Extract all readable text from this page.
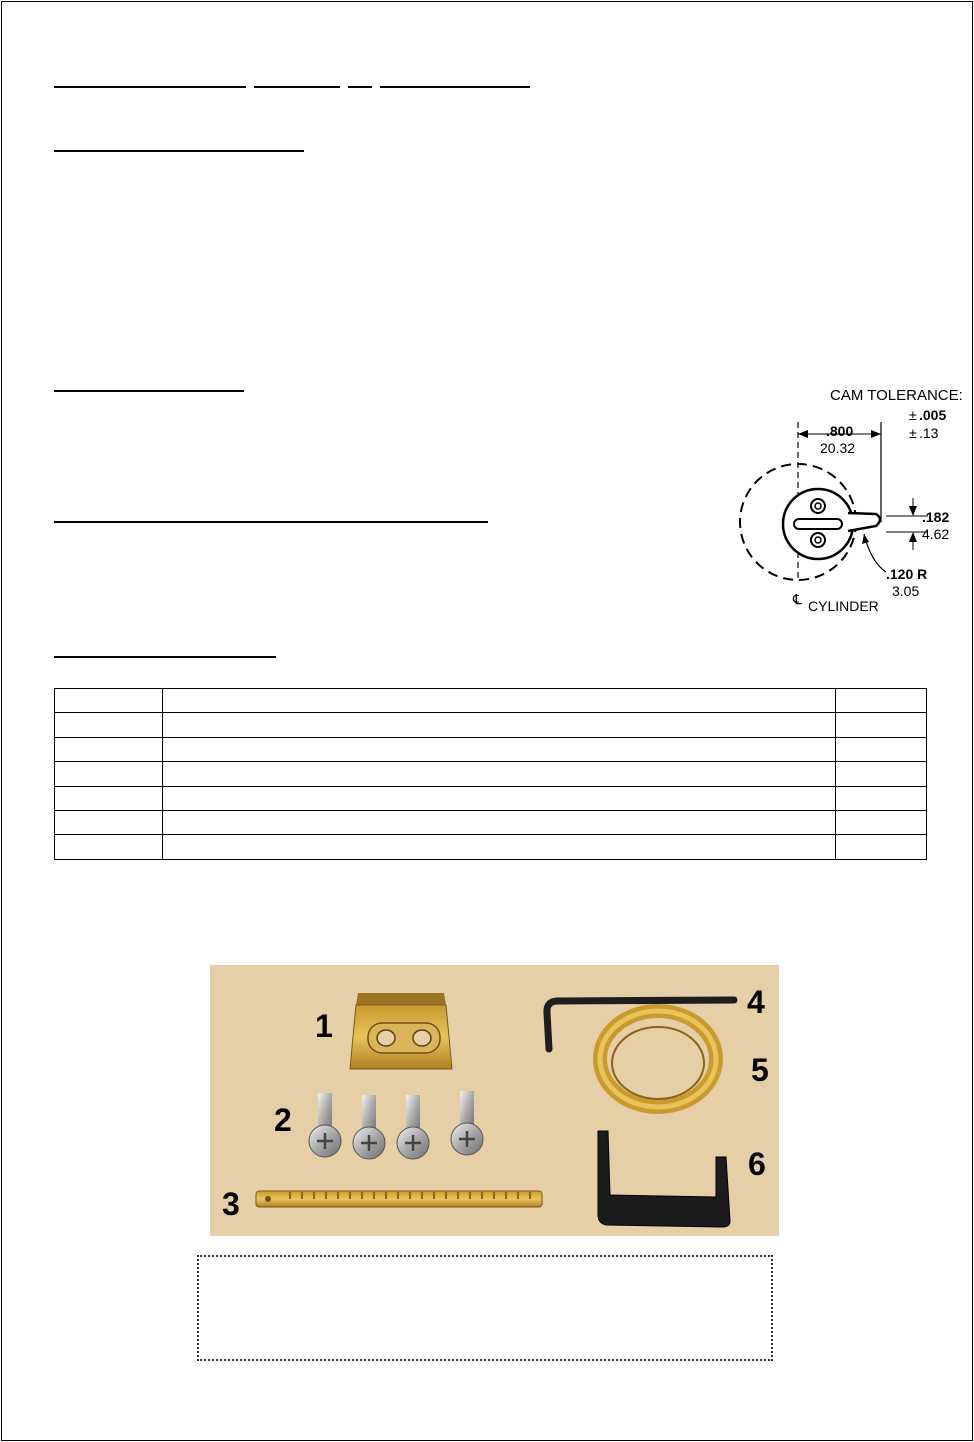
CAM TOLERANCE:
± .005
± .13
.800
20.32
.182
4.62
.120 R
3.05
℄ CYLINDER

1
2
3
4
5
6
